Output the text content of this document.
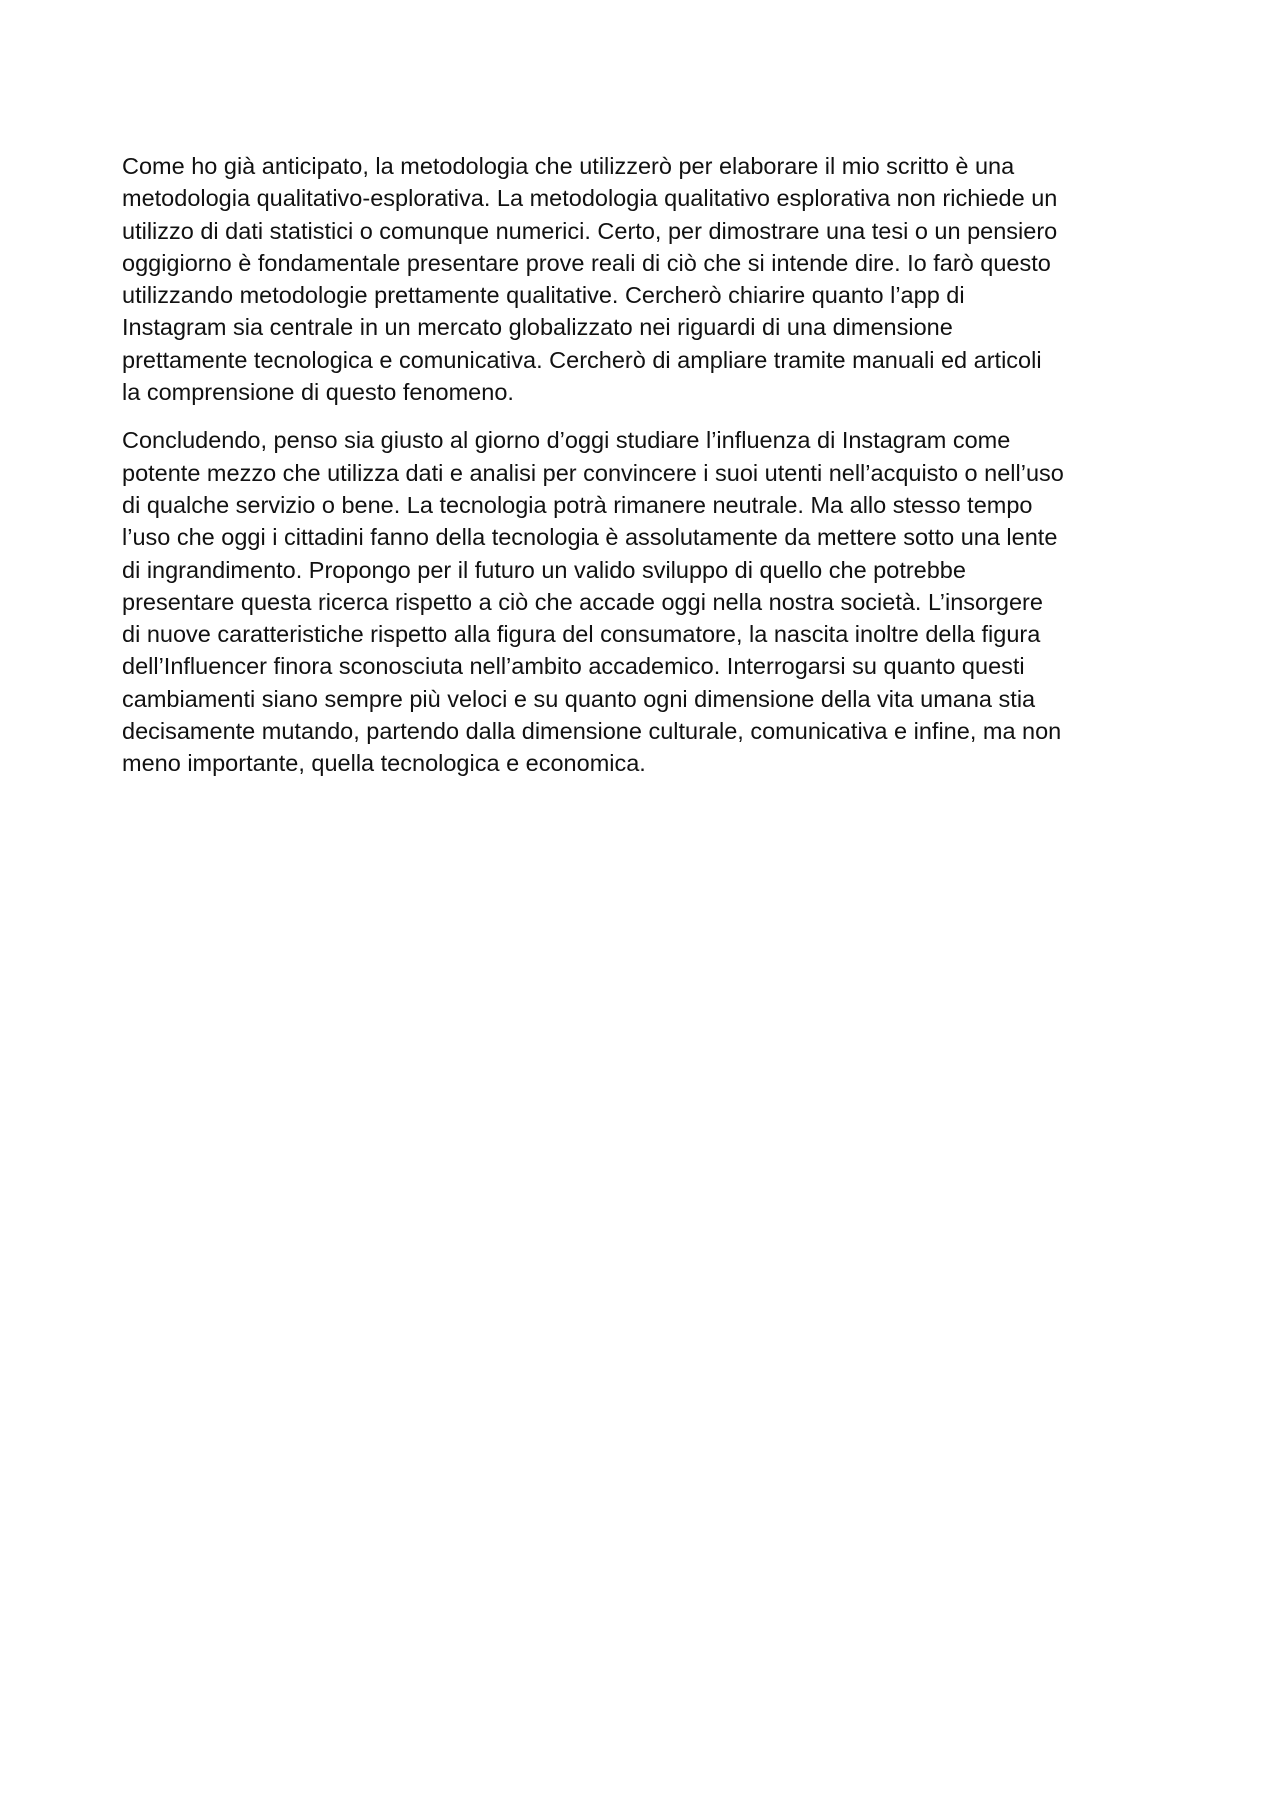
Come ho già anticipato, la metodologia che utilizzerò per elaborare il mio scritto è una
metodologia qualitativo-esplorativa. La metodologia qualitativo esplorativa non richiede un
utilizzo di dati statistici o comunque numerici. Certo, per dimostrare una tesi o un pensiero
oggigiorno è fondamentale presentare prove reali di ciò che si intende dire. Io farò questo
utilizzando metodologie prettamente qualitative. Cercherò chiarire quanto l’app di
Instagram sia centrale in un mercato globalizzato nei riguardi di una dimensione
prettamente tecnologica e comunicativa. Cercherò di ampliare tramite manuali ed articoli
la comprensione di questo fenomeno.

Concludendo, penso sia giusto al giorno d’oggi studiare l’influenza di Instagram come
potente mezzo che utilizza dati e analisi per convincere i suoi utenti nell’acquisto o nell’uso
di qualche servizio o bene. La tecnologia potrà rimanere neutrale. Ma allo stesso tempo
l’uso che oggi i cittadini fanno della tecnologia è assolutamente da mettere sotto una lente
di ingrandimento. Propongo per il futuro un valido sviluppo di quello che potrebbe
presentare questa ricerca rispetto a ciò che accade oggi nella nostra società. L’insorgere
di nuove caratteristiche rispetto alla figura del consumatore, la nascita inoltre della figura
dell’Influencer finora sconosciuta nell’ambito accademico. Interrogarsi su quanto questi
cambiamenti siano sempre più veloci e su quanto ogni dimensione della vita umana stia
decisamente mutando, partendo dalla dimensione culturale, comunicativa e infine, ma non
meno importante, quella tecnologica e economica.
